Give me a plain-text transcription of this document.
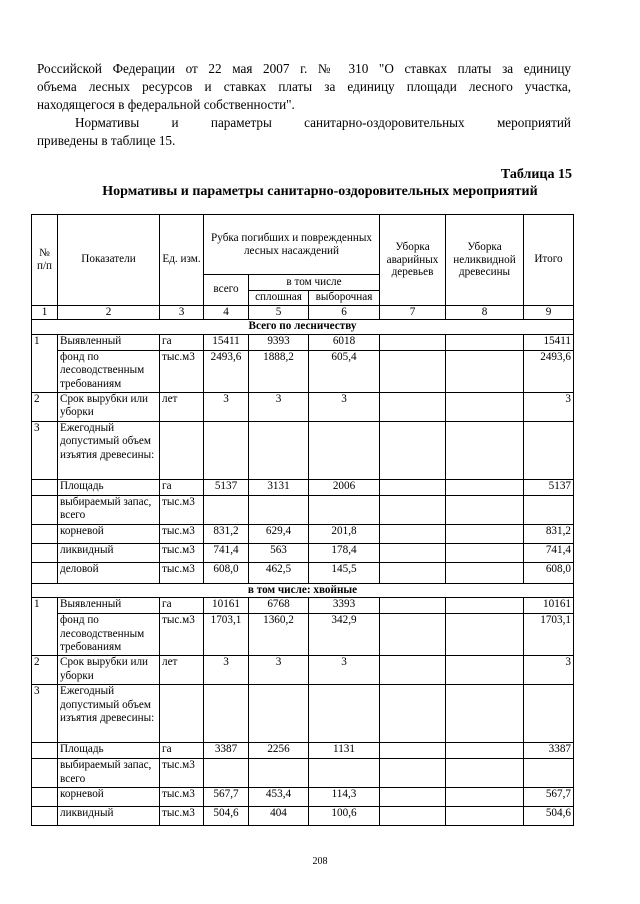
Российской Федерации от 22 мая 2007 г. № 310 "О ставках платы за единицу

объема лесных ресурсов и ставках платы за единицу площади лесного участка,

находящегося в федеральной собственности".

Нормативы и параметры санитарно-оздоровительных мероприятий

приведены в таблице 15.

Таблица 15
Нормативы и параметры санитарно-оздоровительных мероприятий
№ п/п	Показатели	Ед. изм.	Рубка погибших и поврежденных лесных насаждений			Уборка аварийных деревьев	Уборка неликвидной древесины	Итого
			всего	в том числе				
				сплошная	выборочная			
1	2	3	4	5	6	7	8	9
Всего по лесничеству								
1	Выявленный	га	15411	9393	6018			15411
	фонд по лесоводственным требованиям	тыс.м3	2493,6	1888,2	605,4			2493,6
2	Срок вырубки или уборки	лет	3	3	3			3
3	Ежегодный допустимый объем изъятия древесины:							
	Площадь	га	5137	3131	2006			5137
	выбираемый запас, всего	тыс.м3						
	корневой	тыс.м3	831,2	629,4	201,8			831,2
	ликвидный	тыс.м3	741,4	563	178,4			741,4
	деловой	тыс.м3	608,0	462,5	145,5			608,0
в том числе: хвойные								
1	Выявленный	га	10161	6768	3393			10161
	фонд по лесоводственным требованиям	тыс.м3	1703,1	1360,2	342,9			1703,1
2	Срок вырубки или уборки	лет	3	3	3			3
3	Ежегодный допустимый объем изъятия древесины:							
	Площадь	га	3387	2256	1131			3387
	выбираемый запас, всего	тыс.м3						
	корневой	тыс.м3	567,7	453,4	114,3			567,7
	ликвидный	тыс.м3	504,6	404	100,6			504,6
208
